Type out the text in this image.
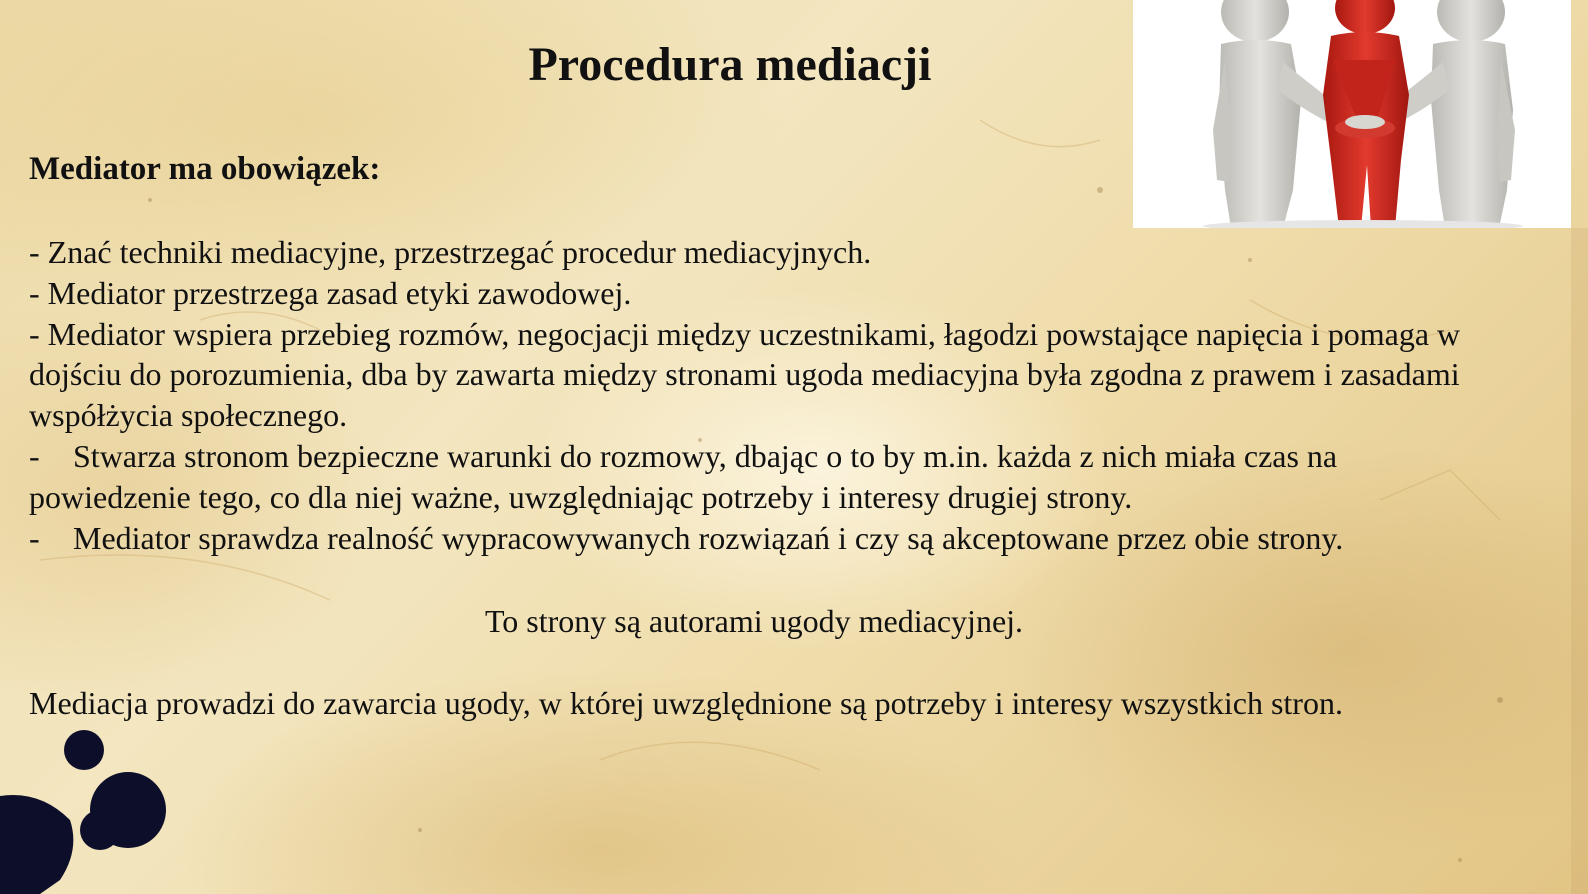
Procedura mediacji
Mediator ma obowiązek:

- Znać techniki mediacyjne, przestrzegać procedur mediacyjnych.

- Mediator przestrzega zasad etyki zawodowej.

- Mediator wspiera przebieg rozmów, negocjacji między uczestnikami, łagodzi powstające napięcia i pomaga w dojściu do porozumienia, dba by zawarta między stronami ugoda mediacyjna była zgodna z prawem i zasadami współżycia społecznego.

-	Stwarza stronom bezpieczne warunki do rozmowy, dbając o to by m.in. każda z nich miała czas na powiedzenie tego, co dla niej ważne, uwzględniając potrzeby i interesy drugiej strony.
-	Mediator sprawdza realność wypracowywanych rozwiązań i czy są akceptowane przez obie strony.

To strony są autorami ugody mediacyjnej.

Mediacja prowadzi do zawarcia ugody, w której uwzględnione są potrzeby i interesy wszystkich stron.
